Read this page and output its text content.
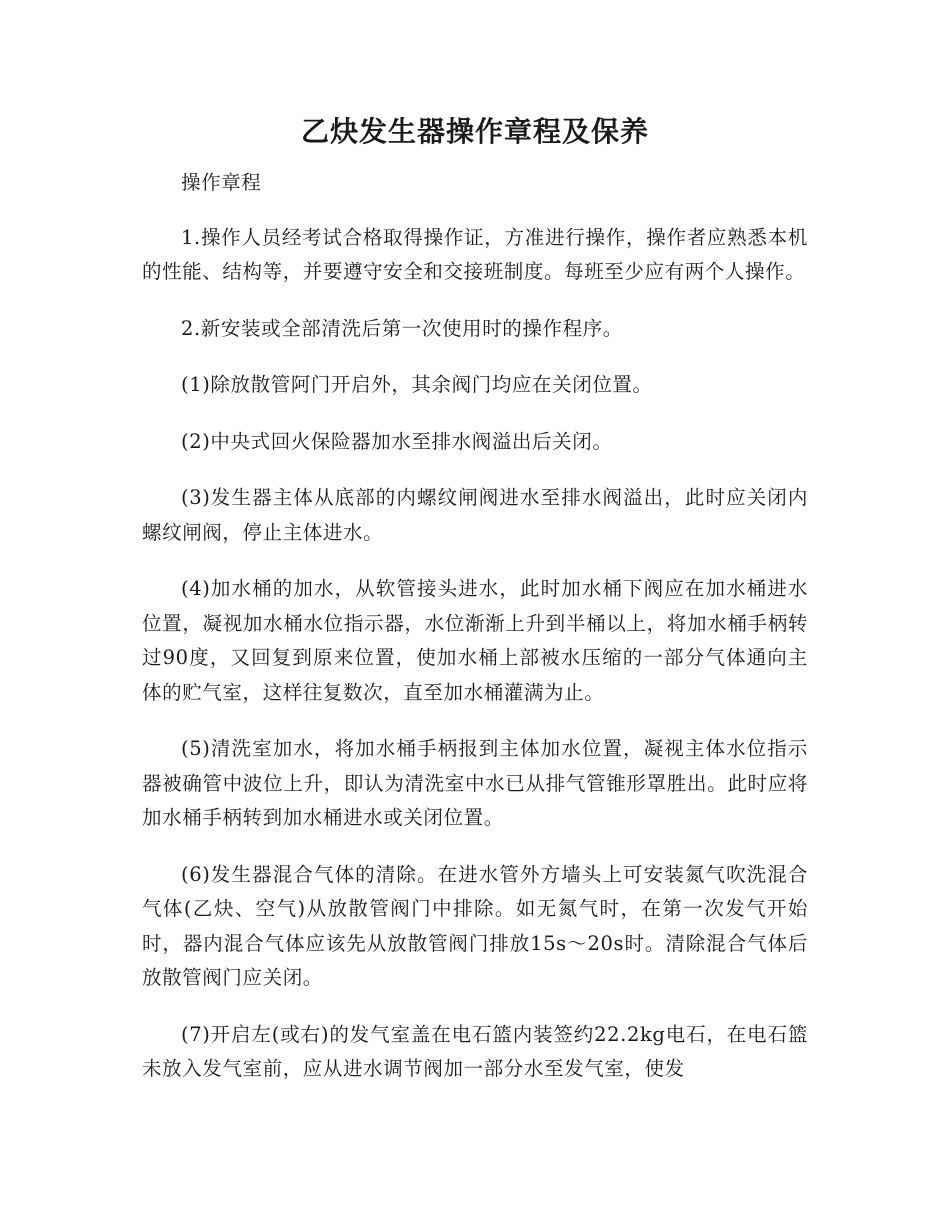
乙炔发生器操作章程及保养

操作章程

1.操作人员经考试合格取得操作证，方准进行操作，操作者应熟悉本机的性能、结构等，并要遵守安全和交接班制度。每班至少应有两个人操作。

2.新安装或全部清洗后第一次使用时的操作程序。

(1)除放散管阿门开启外，其余阀门均应在关闭位置。

(2)中央式回火保险器加水至排水阀溢出后关闭。

(3)发生器主体从底部的内螺纹闸阀进水至排水阀溢出，此时应关闭内螺纹闸阀，停止主体进水。

(4)加水桶的加水，从软管接头进水，此时加水桶下阀应在加水桶进水位置，凝视加水桶水位指示器，水位渐渐上升到半桶以上，将加水桶手柄转过90度，又回复到原来位置，使加水桶上部被水压缩的一部分气体通向主体的贮气室，这样往复数次，直至加水桶灌满为止。

(5)清洗室加水，将加水桶手柄报到主体加水位置，凝视主体水位指示器被确管中波位上升，即认为清洗室中水已从排气管锥形罩胜出。此时应将加水桶手柄转到加水桶进水或关闭位置。

(6)发生器混合气体的清除。在进水管外方墙头上可安装氮气吹洗混合气体(乙炔、空气)从放散管阀门中排除。如无氮气时，在第一次发气开始时，器内混合气体应该先从放散管阀门排放15s～20s时。清除混合气体后放散管阀门应关闭。

(7)开启左(或右)的发气室盖在电石篮内装签约22.2kg电石，在电石篮未放入发气室前，应从进水调节阀加一部分水至发气室，使发
